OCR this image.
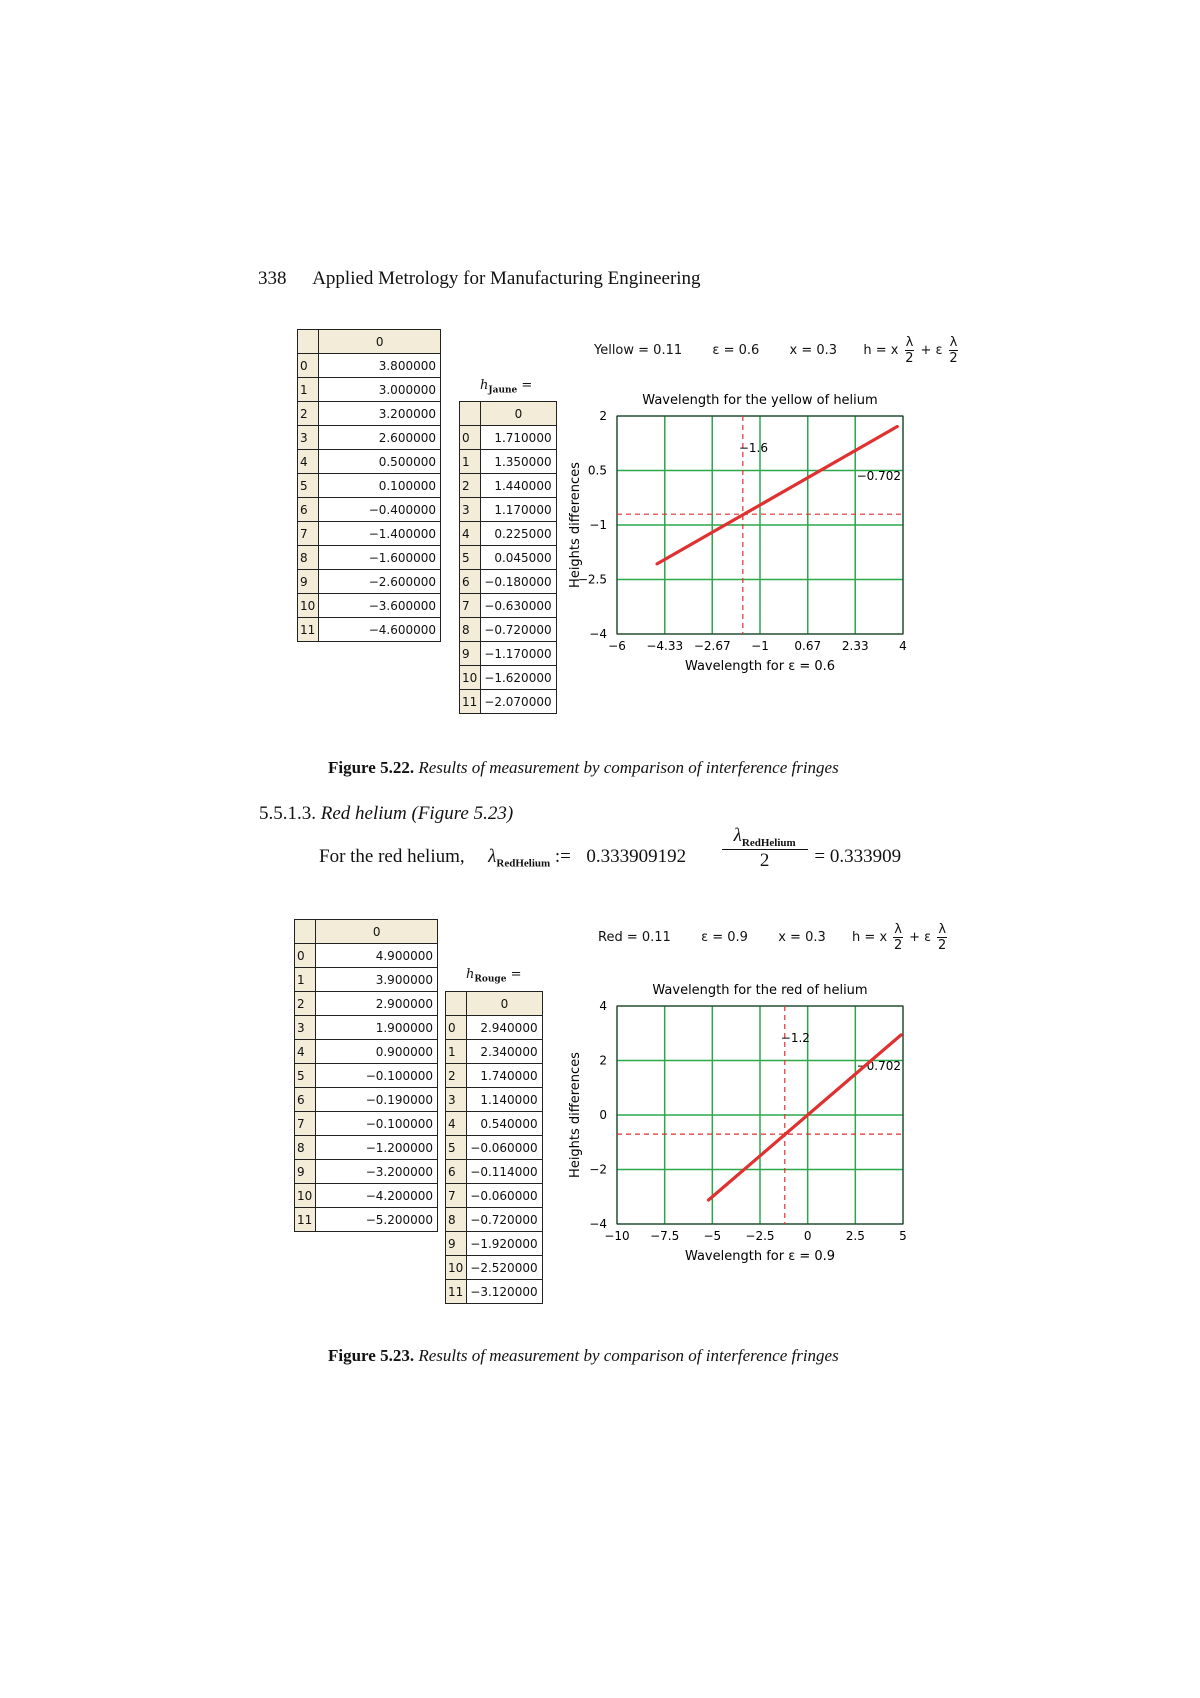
338 Applied Metrology for Manufacturing Engineering
	0
0	3.800000
1	3.000000
2	3.200000
3	2.600000
4	0.500000
5	0.100000
6	−0.400000
7	−1.400000
8	−1.600000
9	−2.600000
10	−3.600000
11	−4.600000
$h_{Jaune}$ =
	0
0	1.710000
1	1.350000
2	1.440000
3	1.170000
4	0.225000
5	0.045000
6	−0.180000
7	−0.630000
8	−0.720000
9	−1.170000
10	−1.620000
11	−2.070000
Yellow = 0.11 ε = 0.6 x = 0.3 h = x $\frac{\lambda}{2} + \varepsilon \frac{\lambda}{2}$
Wavelength for the yellow of helium
−6 −4.33 −2.67 −1 0.67 2.33	4
−4
−2.5
−1
0.5
2
Wavelength for ε = 0.6
Heights differences
−1.6
−0.702
Figure 5.22. Results of measurement by comparison of interference fringes
5.5.1.3. Red helium (Figure 5.23)
For the red helium, $\lambda_{RedHelium}$ := $0.333909192 \frac{\lambda_{RedHelium}}{2} = 0.333909$
	0
0	4.900000
1	3.900000
2	2.900000
3	1.900000
4	0.900000
5	−0.100000
6	−0.190000
7	−0.100000
8	−1.200000
9	−3.200000
10	−4.200000
11	−5.200000
$h_{Rouge}$ =
	0
0	2.940000
1	2.340000
2	1.740000
3	1.140000
4	0.540000
5	−0.060000
6	−0.114000
7	−0.060000
8	−0.720000
9	−1.920000
10	−2.520000
11	−3.120000
Red = 0.11 ε = 0.9 x = 0.3 h = x $\frac{\lambda}{2} + \varepsilon \frac{\lambda}{2}$
Wavelength for the red of helium
−10 −7.5 −5 −2.5 0	2.5	5
−4
−2
0
2
4
Wavelength for ε = 0.9
Heights differences
−1.2
−0.702
Figure 5.23. Results of measurement by comparison of interference fringes
